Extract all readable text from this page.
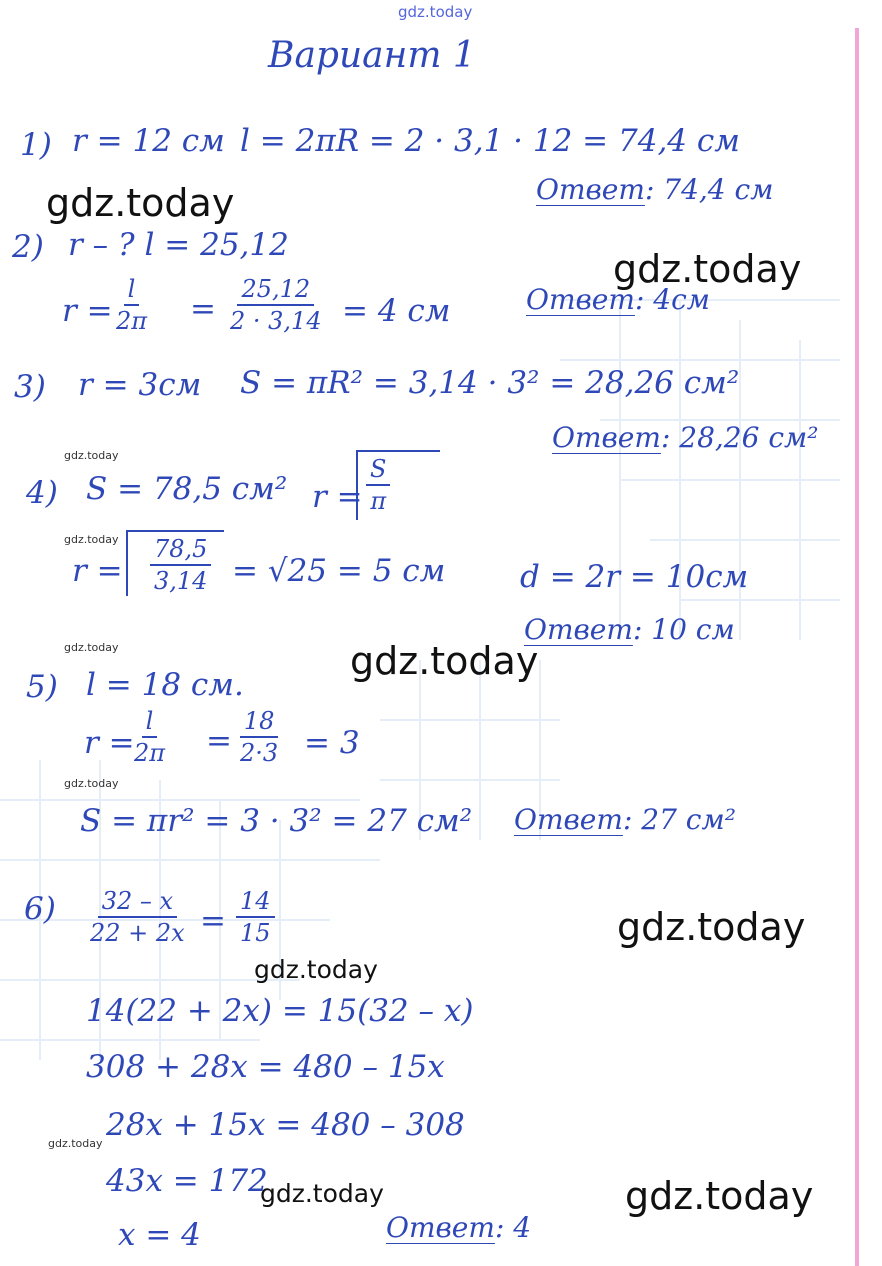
gdz.today
gdz.today
gdz.today
gdz.today
gdz.today
gdz.today
gdz.today
gdz.today
gdz.today
gdz.today
gdz.today
gdz.today
gdz.today
Вариант 1
1) r = 12 см l = 2πR = 2 · 3,1 · 12 = 74,4 см
Ответ: 74,4 см
2) r – ? l = 25,12
$r = \frac{l}{2\pi} = \frac{25,12}{2 \cdot 3,14} = 4$ см	Ответ: 4см
3) r = 3см S = πR² = 3,14 · 3² = 28,26 см²
Ответ: 28,26 см²
4) S = 78,5 см² $r = \frac{S}{\pi}$
$r = \frac{78,5}{3,14} = √25 = 5$ см d = 2r = 10см
Ответ: 10 см
5) l = 18 см.
r =
$\frac{l}{2\pi} = \frac{18}{2\cdot 3} = 3$
S = πr² = 3 · 3² = 27 см² Ответ: 27 см²
$6) \frac{32 - x}{22 + 2x} = \frac{14}{15}$
14(22 + 2x) = 15(32 – x)
308 + 28x = 480 – 15x
28x + 15x = 480 – 308
43x = 172
x = 4	Ответ: 4
